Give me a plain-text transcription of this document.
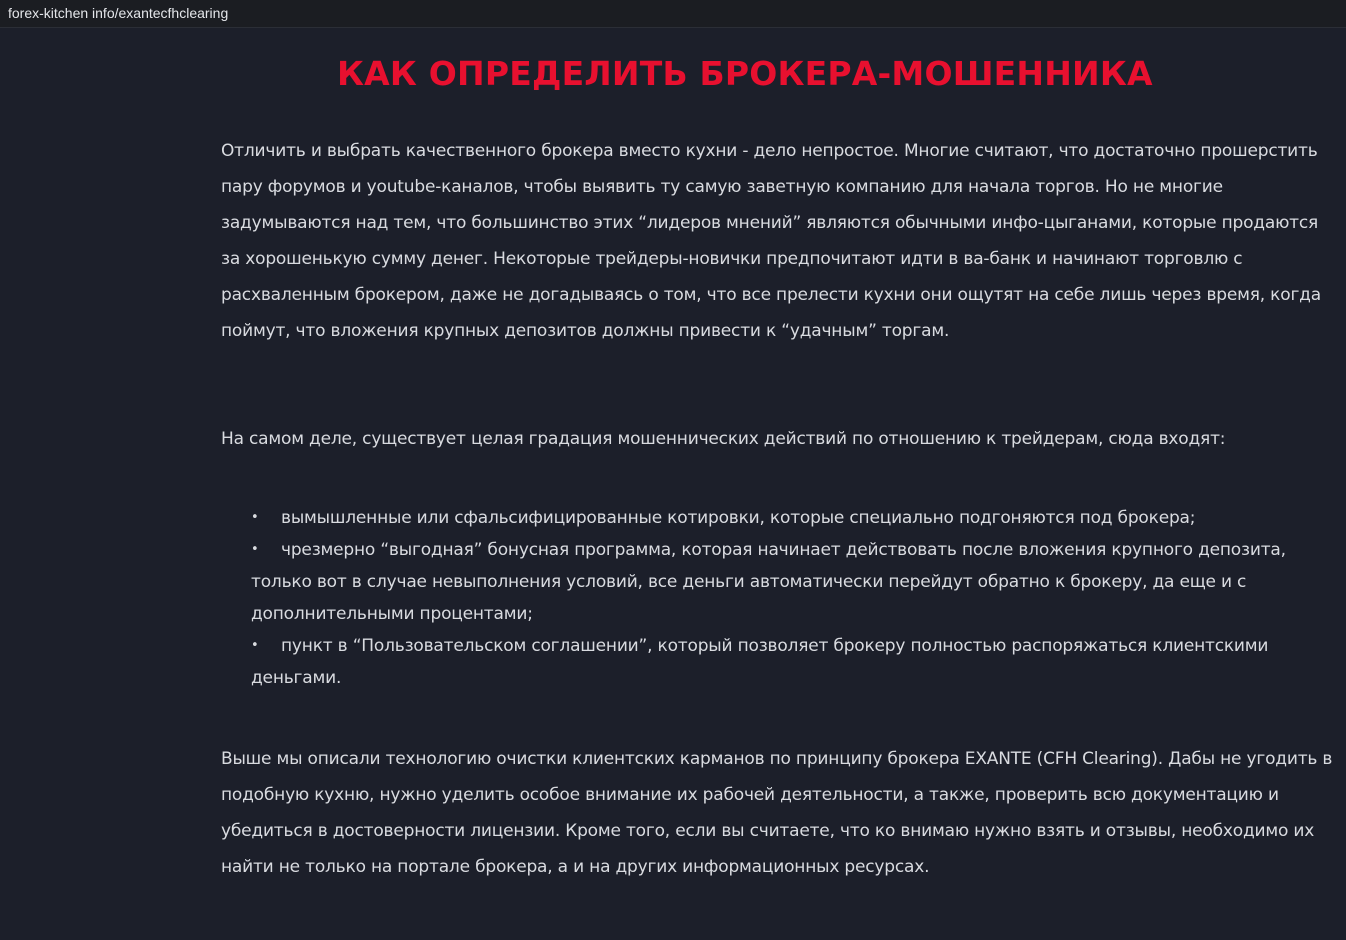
forex-kitchen info/exantecfhclearing
КАК ОПРЕДЕЛИТЬ БРОКЕРА-МОШЕННИКА

Отличить и выбрать качественного брокера вместо кухни - дело непростое. Многие считают, что достаточно прошерстить пару форумов и youtube-каналов, чтобы выявить ту самую заветную компанию для начала торгов. Но не многие задумываются над тем, что большинство этих “лидеров мнений” являются обычными инфо-цыганами, которые продаются за хорошенькую сумму денег. Некоторые трейдеры-новички предпочитают идти в ва-банк и начинают торговлю с расхваленным брокером, даже не догадываясь о том, что все прелести кухни они ощутят на себе лишь через время, когда поймут, что вложения крупных депозитов должны привести к “удачным” торгам.

На самом деле, существует целая градация мошеннических действий по отношению к трейдерам, сюда входят:

• вымышленные или сфальсифицированные котировки, которые специально подгоняются под брокера;
• чрезмерно “выгодная” бонусная программа, которая начинает действовать после вложения крупного депозита, только вот в случае невыполнения условий, все деньги автоматически перейдут обратно к брокеру, да еще и с дополнительными процентами;
• пункт в “Пользовательском соглашении”, который позволяет брокеру полностью распоряжаться клиентскими деньгами.

Выше мы описали технологию очистки клиентских карманов по принципу брокера EXANTE (CFH Clearing). Дабы не угодить в подобную кухню, нужно уделить особое внимание их рабочей деятельности, а также, проверить всю документацию и убедиться в достоверности лицензии. Кроме того, если вы считаете, что ко внимаю нужно взять и отзывы, необходимо их найти не только на портале брокера, а и на других информационных ресурсах.
